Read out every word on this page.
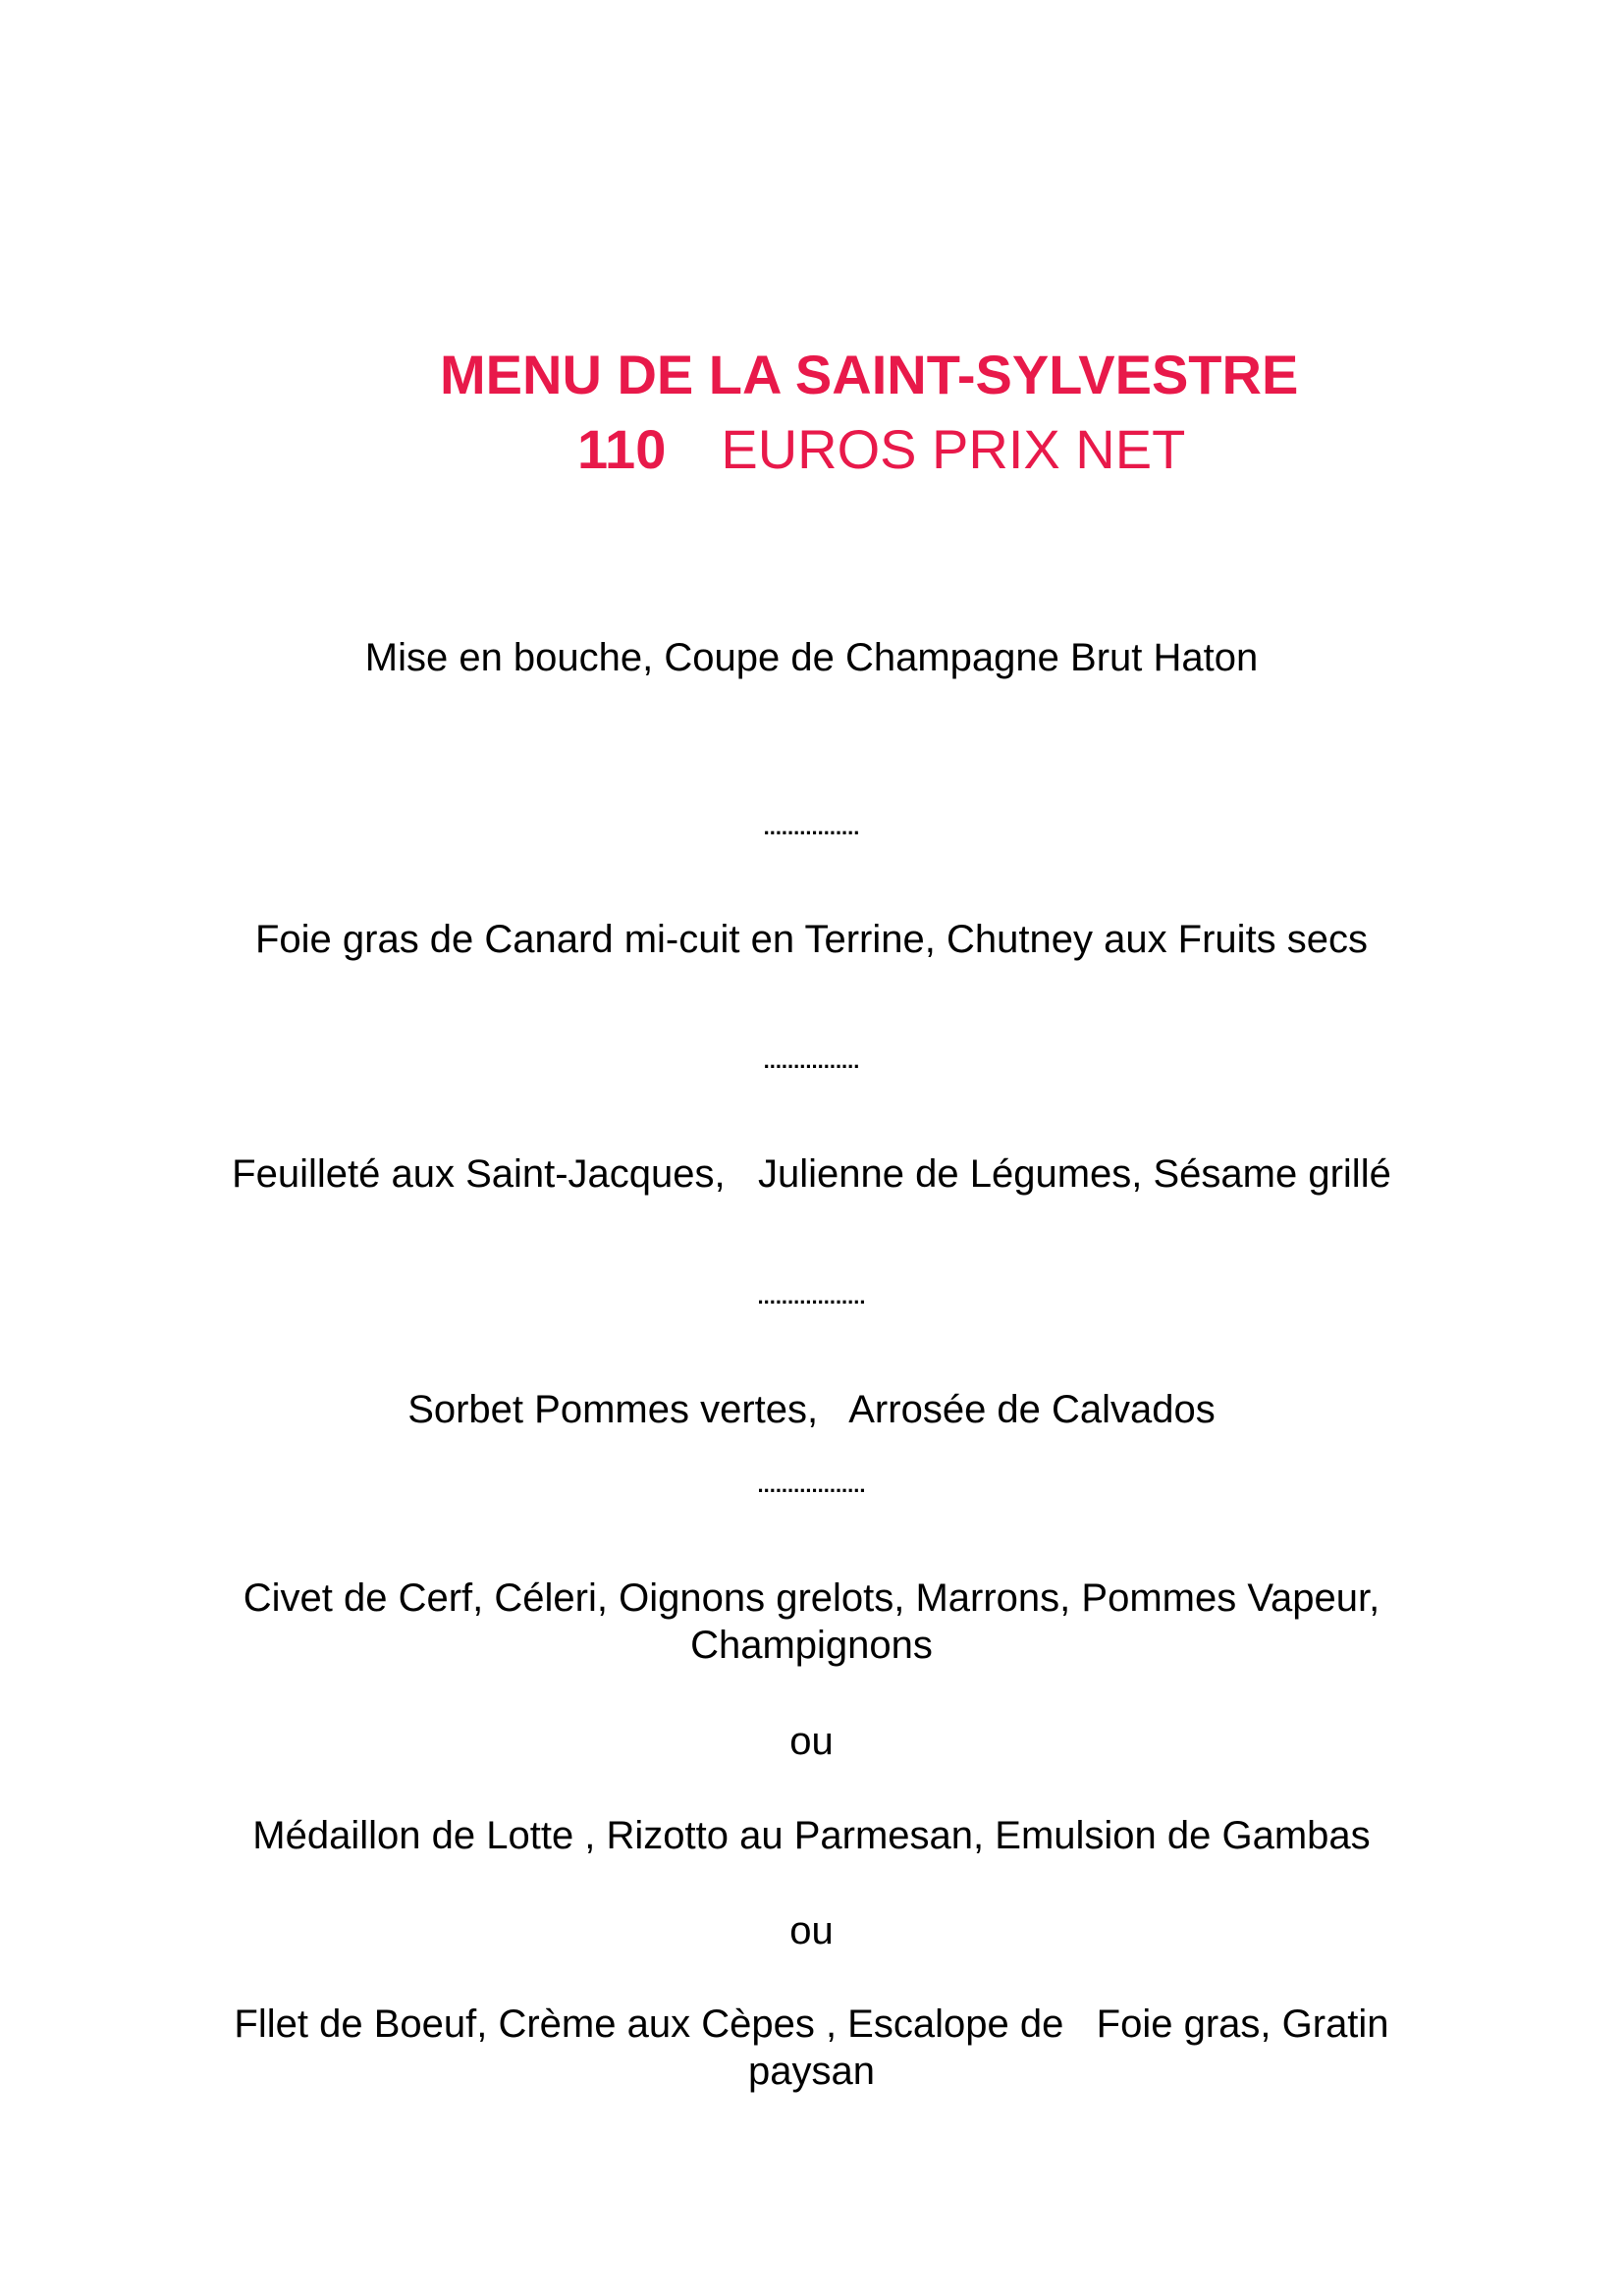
MENU DE LA SAINT-SYLVESTRE
110 EUROS PRIX NET
Mise en bouche, Coupe de Champagne Brut Haton
................
Foie gras de Canard mi-cuit en Terrine, Chutney aux Fruits secs
................
Feuilleté aux Saint-Jacques,   Julienne de Légumes, Sésame grillé
..................
Sorbet Pommes vertes,   Arrosée de Calvados
..................
Civet de Cerf, Céleri, Oignons grelots, Marrons, Pommes Vapeur,
Champignons
ou
Médaillon de Lotte , Rizotto au Parmesan, Emulsion de Gambas
ou
Fllet de Boeuf, Crème aux Cèpes , Escalope de   Foie gras, Gratin
paysan
